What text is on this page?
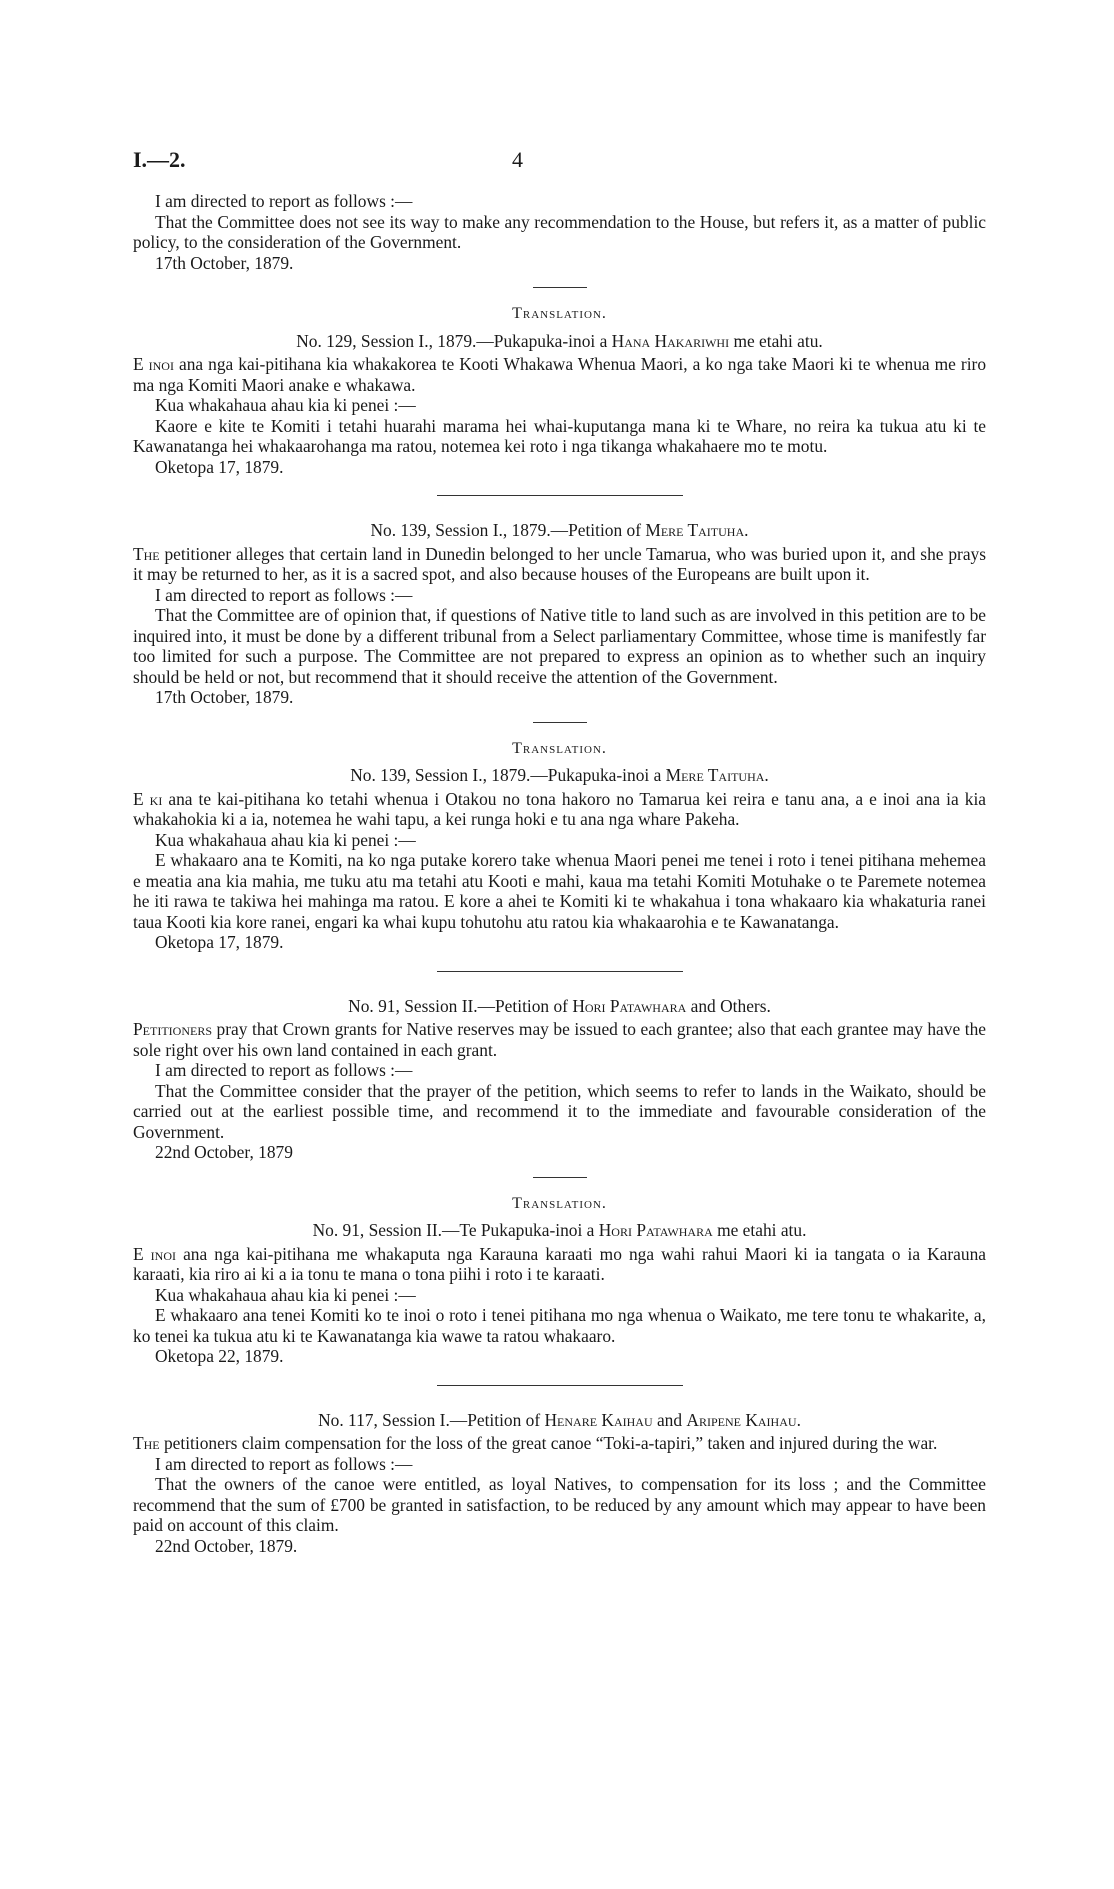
I.—2.	4

I am directed to report as follows :—

That the Committee does not see its way to make any recommendation to the House, but refers it, as a matter of public policy, to the consideration of the Government.

17th October, 1879.

Translation.

No. 129, Session I., 1879.—Pukapuka-inoi a Hana Hakariwhi me etahi atu.

E inoi ana nga kai-pitihana kia whakakorea te Kooti Whakawa Whenua Maori, a ko nga take Maori ki te whenua me riro ma nga Komiti Maori anake e whakawa.

Kua whakahaua ahau kia ki penei :—

Kaore e kite te Komiti i tetahi huarahi marama hei whai-kuputanga mana ki te Whare, no reira ka tukua atu ki te Kawanatanga hei whakaarohanga ma ratou, notemea kei roto i nga tikanga whakahaere mo te motu.

Oketopa 17, 1879.

No. 139, Session I., 1879.—Petition of Mere Taituha.

The petitioner alleges that certain land in Dunedin belonged to her uncle Tamarua, who was buried upon it, and she prays it may be returned to her, as it is a sacred spot, and also because houses of the Europeans are built upon it.

I am directed to report as follows :—

That the Committee are of opinion that, if questions of Native title to land such as are involved in this petition are to be inquired into, it must be done by a different tribunal from a Select parliamentary Committee, whose time is manifestly far too limited for such a purpose. The Committee are not prepared to express an opinion as to whether such an inquiry should be held or not, but recommend that it should receive the attention of the Government.

17th October, 1879.

Translation.

No. 139, Session I., 1879.—Pukapuka-inoi a Mere Taituha.

E ki ana te kai-pitihana ko tetahi whenua i Otakou no tona hakoro no Tamarua kei reira e tanu ana, a e inoi ana ia kia whakahokia ki a ia, notemea he wahi tapu, a kei runga hoki e tu ana nga whare Pakeha.

Kua whakahaua ahau kia ki penei :—

E whakaaro ana te Komiti, na ko nga putake korero take whenua Maori penei me tenei i roto i tenei pitihana mehemea e meatia ana kia mahia, me tuku atu ma tetahi atu Kooti e mahi, kaua ma tetahi Komiti Motuhake o te Paremete notemea he iti rawa te takiwa hei mahinga ma ratou. E kore a ahei te Komiti ki te whakahua i tona whakaaro kia whakaturia ranei taua Kooti kia kore ranei, engari ka whai kupu tohutohu atu ratou kia whakaarohia e te Kawanatanga.

Oketopa 17, 1879.

No. 91, Session II.—Petition of Hori Patawhara and Others.

Petitioners pray that Crown grants for Native reserves may be issued to each grantee; also that each grantee may have the sole right over his own land contained in each grant.

I am directed to report as follows :—

That the Committee consider that the prayer of the petition, which seems to refer to lands in the Waikato, should be carried out at the earliest possible time, and recommend it to the immediate and favourable consideration of the Government.

22nd October, 1879

Translation.

No. 91, Session II.—Te Pukapuka-inoi a Hori Patawhara me etahi atu.

E inoi ana nga kai-pitihana me whakaputa nga Karauna karaati mo nga wahi rahui Maori ki ia tangata o ia Karauna karaati, kia riro ai ki a ia tonu te mana o tona piihi i roto i te karaati.

Kua whakahaua ahau kia ki penei :—

E whakaaro ana tenei Komiti ko te inoi o roto i tenei pitihana mo nga whenua o Waikato, me tere tonu te whakarite, a, ko tenei ka tukua atu ki te Kawanatanga kia wawe ta ratou whakaaro.

Oketopa 22, 1879.

No. 117, Session I.—Petition of Henare Kaihau and Aripene Kaihau.

The petitioners claim compensation for the loss of the great canoe “Toki-a-tapiri,” taken and injured during the war.

I am directed to report as follows :—

That the owners of the canoe were entitled, as loyal Natives, to compensation for its loss ; and the Committee recommend that the sum of £700 be granted in satisfaction, to be reduced by any amount which may appear to have been paid on account of this claim.

22nd October, 1879.
